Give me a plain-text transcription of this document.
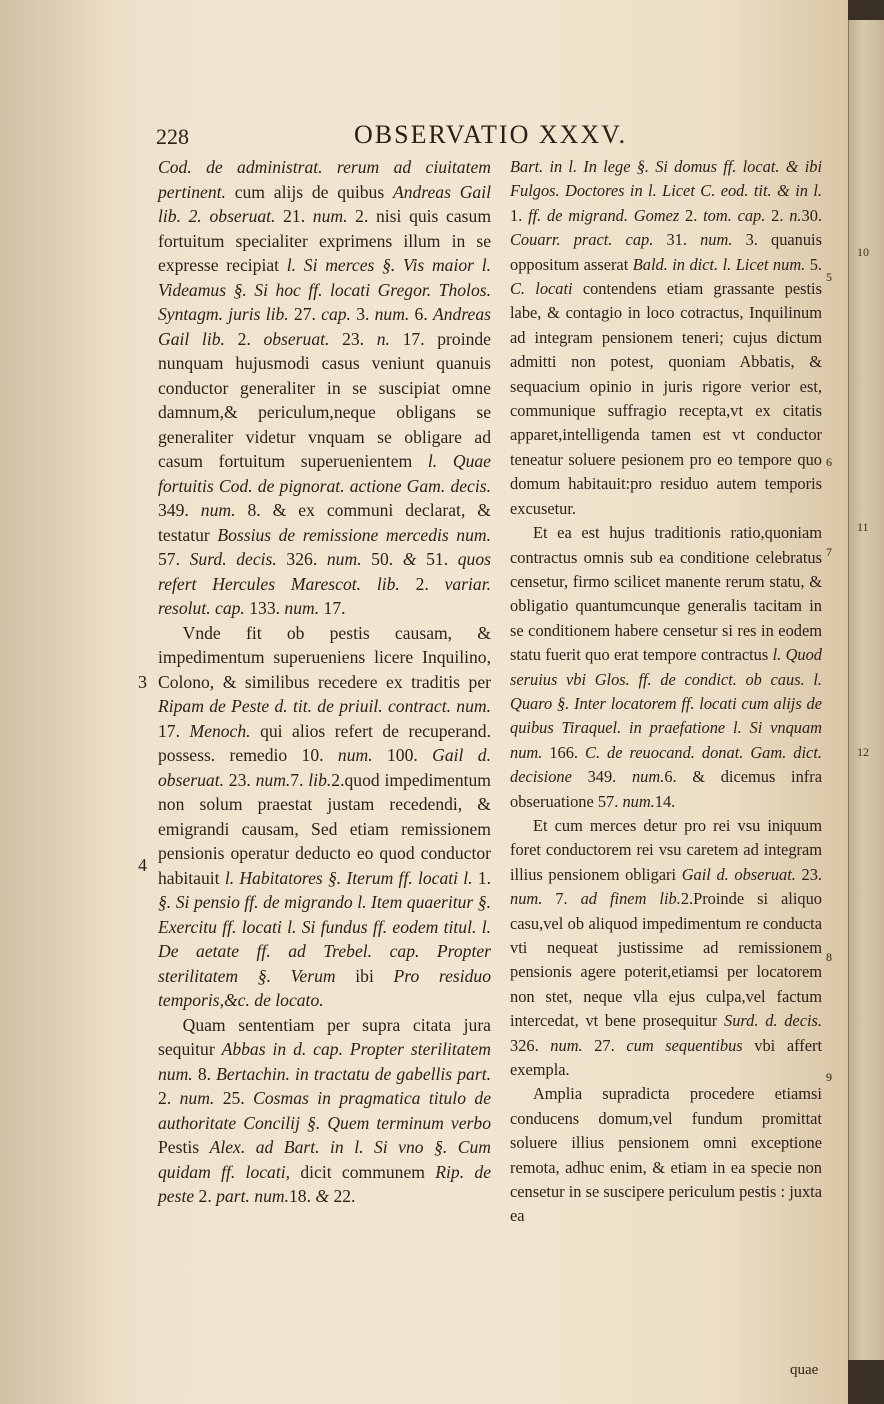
228	OBSERVATIO XXXV.

Cod. de administrat. rerum ad ciuitatem pertinent. cum alijs de quibus Andreas Gail lib. 2. obseruat. 21. num. 2. nisi quis casum fortuitum specialiter exprimens illum in se expresse recipiat l. Si merces §. Vis maior l. Videamus §. Si hoc ff. locati Gregor. Tholos. Syntagm. juris lib. 27. cap. 3. num. 6. Andreas Gail lib. 2. obseruat. 23. n. 17. proinde nunquam hujusmodi casus veniunt quanuis conductor generaliter in se suscipiat omne damnum,& periculum,neque obligans se generaliter videtur vnquam se obligare ad casum fortuitum superuenientem l. Quae fortuitis Cod. de pignorat. actione Gam. decis. 349. num. 8. & ex communi declarat, & testatur Bossius de remissione mercedis num. 57. Surd. decis. 326. num. 50. & 51. quos refert Hercules Marescot. lib. 2. variar. resolut. cap. 133. num. 17.

Vnde fit ob pestis causam, & impedimentum superueniens licere Inquilino, Colono, & similibus recedere ex traditis per Ripam de Peste d. tit. de priuil. contract. num. 17. Menoch. qui alios refert de recuperand. possess. remedio 10. num. 100. Gail d. obseruat. 23. num.7. lib.2.quod impedimentum non solum praestat justam recedendi, & emigrandi causam, Sed etiam remissionem pensionis operatur deducto eo quod conductor habitauit l. Habitatores §. Iterum ff. locati l. 1. §. Si pensio ff. de migrando l. Item quaeritur §. Exercitu ff. locati l. Si fundus ff. eodem titul. l. De aetate ff. ad Trebel. cap. Propter sterilitatem §. Verum ibi Pro residuo temporis,&c. de locato.

Quam sententiam per supra citata jura sequitur Abbas in d. cap. Propter sterilitatem num. 8. Bertachin. in tractatu de gabellis part. 2. num. 25. Cosmas in pragmatica titulo de authoritate Concilij §. Quem terminum verbo Pestis Alex. ad Bart. in l. Si vno §. Cum quidam ff. locati, dicit communem Rip. de peste 2. part. num.18. & 22.

Bart. in l. In lege §. Si domus ff. locat. & ibi Fulgos. Doctores in l. Licet C. eod. tit. & in l. 1. ff. de migrand. Gomez 2. tom. cap. 2. n.30. Couarr. pract. cap. 31. num. 3. quanuis oppositum asserat Bald. in dict. l. Licet num. 5. C. locati contendens etiam grassante pestis labe, & contagio in loco cotractus, Inquilinum ad integram pensionem teneri; cujus dictum admitti non potest, quoniam Abbatis, & sequacium opinio in juris rigore verior est, communique suffragio recepta,vt ex citatis apparet,intelligenda tamen est vt conductor teneatur soluere pesionem pro eo tempore quo domum habitauit:pro residuo autem temporis excusetur.

Et ea est hujus traditionis ratio,quoniam contractus omnis sub ea conditione celebratus censetur, firmo scilicet manente rerum statu, & obligatio quantumcunque generalis tacitam in se conditionem habere censetur si res in eodem statu fuerit quo erat tempore contractus l. Quod seruius vbi Glos. ff. de condict. ob caus. l. Quaro §. Inter locatorem ff. locati cum alijs de quibus Tiraquel. in praefatione l. Si vnquam num. 166. C. de reuocand. donat. Gam. dict. decisione 349. num.6. & dicemus infra obseruatione 57. num.14.

Et cum merces detur pro rei vsu iniquum foret conductorem rei vsu caretem ad integram illius pensionem obligari Gail d. obseruat. 23. num. 7. ad finem lib.2.Proinde si aliquo casu,vel ob aliquod impedimentum re conducta vti nequeat justissime ad remissionem pensionis agere poterit,etiamsi per locatorem non stet, neque vlla ejus culpa,vel factum intercedat, vt bene prosequitur Surd. d. decis. 326. num. 27. cum sequentibus vbi affert exempla.

Amplia supradicta procedere etiamsi conducens domum,vel fundum promittat soluere illius pensionem omni exceptione remota, adhuc enim, & etiam in ea specie non censetur in se suscipere periculum pestis : juxta ea

3
4
5
6
7
8
9
quae
10
11
12
